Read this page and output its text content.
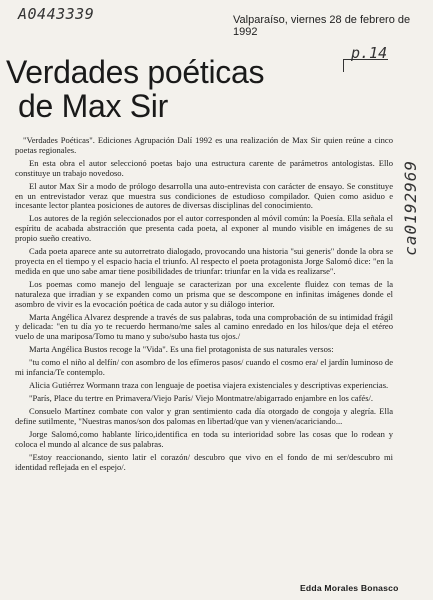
A0443339	Valparaíso, viernes 28 de febrero de 1992
p.14
ca0192969
Verdades poéticas
de Max Sir

"Verdades Poéticas". Ediciones Agrupación Dalí 1992 es una realización de Max Sir quien reúne a cinco poetas regionales.

En esta obra el autor seleccionó poetas bajo una estructura carente de parámetros antologistas. Ello constituye un trabajo novedoso.

El autor Max Sir a modo de prólogo desarrolla una auto-entrevista con carácter de ensayo. Se constituye en un entrevistador veraz que muestra sus condiciones de estudioso compilador. Quien como asiduo e incesante lector plantea posiciones de autores de diversas disciplinas del conocimiento.

Los autores de la región seleccionados por el autor corresponden al móvil común: la Poesía. Ella señala el espíritu de acabada abstracción que presenta cada poeta, al exponer al mundo visible en imágenes de su propio sueño creativo.

Cada poeta aparece ante su autorretrato dialogado, provocando una historia "sui generis" donde la obra se proyecta en el tiempo y el espacio hacia el triunfo. Al respecto el poeta protagonista Jorge Salomó dice: "en la medida en que uno sabe amar tiene posibilidades de triunfar: triunfar en la vida es realizarse".

Los poemas como manejo del lenguaje se caracterizan por una excelente fluidez con temas de la naturaleza que irradian y se expanden como un prisma que se descompone en infinitas imágenes donde el asombro de vivir es la evocación poética de cada autor y su diálogo interior.

Marta Angélica Alvarez desprende a través de sus palabras, toda una comprobación de su intimidad frágil y delicada: "en tu día yo te recuerdo hermano/me sales al camino enredado en los hilos/que deja el etéreo vuelo de una mariposa/Tomo tu mano y subo/subo hasta tus ojos./

Marta Angélica Bustos recoge la "Vida". Es una fiel protagonista de sus naturales versos:

"tu como el niño al delfín/ con asombro de los efímeros pasos/ cuando el cosmo era/ el jardín luminoso de mi infancia/Te contemplo.

Alicia Gutiérrez Wormann traza con lenguaje de poetisa viajera existenciales y descriptivas experiencias.

"París, Place du tertre en Primavera/Viejo París/ Viejo Montmatre/abigarrado enjambre en los cafés/.

Consuelo Martínez combate con valor y gran sentimiento cada día otorgado de congoja y alegría. Ella define sutilmente, "Nuestras manos/son dos palomas en libertad/que van y vienen/acariciando...

Jorge Salomó,como hablante lírico,identifica en toda su interioridad sobre las cosas que lo rodean y coloca el mundo al alcance de sus palabras.

"Estoy reaccionando, siento latir el corazón/ descubro que vivo en el fondo de mi ser/descubro mi identidad reflejada en el espejo/.

Edda Morales Bonasco
